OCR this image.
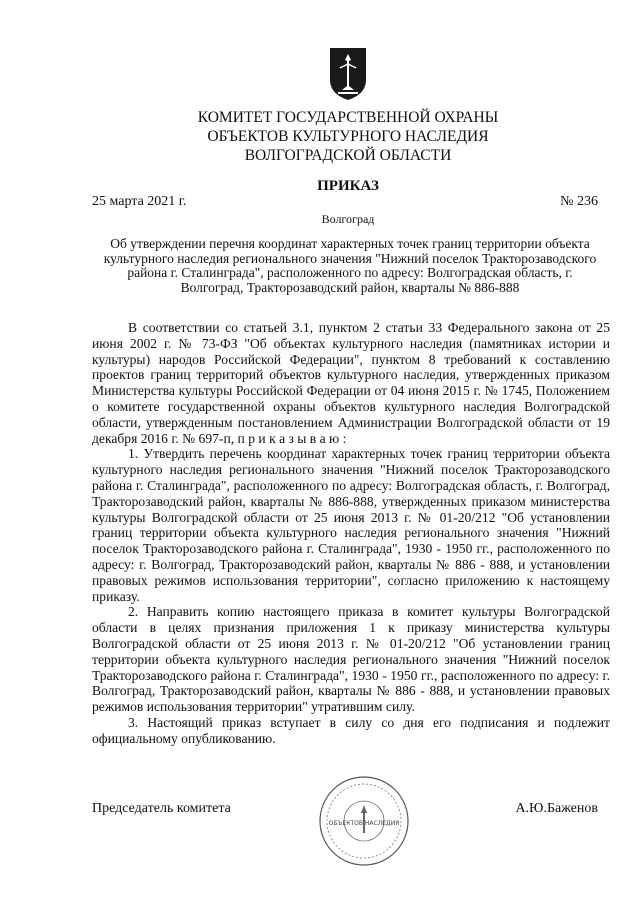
КОМИТЕТ ГОСУДАРСТВЕННОЙ ОХРАНЫ
ОБЪЕКТОВ КУЛЬТУРНОГО НАСЛЕДИЯ
ВОЛГОГРАДСКОЙ ОБЛАСТИ
ПРИКАЗ
25 марта 2021 г.	№ 236
Волгоград
Об утверждении перечня координат характерных точек границ территории объекта культурного наследия регионального значения "Нижний поселок Тракторозаводского района г. Сталинграда", расположенного по адресу: Волгоградская область, г. Волгоград, Тракторозаводский район, кварталы № 886-888

В соответствии со статьей 3.1, пунктом 2 статьи 33 Федерального закона от 25 июня 2002 г. № 73-ФЗ "Об объектах культурного наследия (памятниках истории и культуры) народов Российской Федерации", пунктом 8 требований к составлению проектов границ территорий объектов культурного наследия, утвержденных приказом Министерства культуры Российской Федерации от 04 июня 2015 г. № 1745, Положением о комитете государственной охраны объектов культурного наследия Волгоградской области, утвержденным постановлением Администрации Волгоградской области от 19 декабря 2016 г. № 697-п, п р и к а з ы в а ю :

1. Утвердить перечень координат характерных точек границ территории объекта культурного наследия регионального значения "Нижний поселок Тракторозаводского района г. Сталинграда", расположенного по адресу: Волгоградская область, г. Волгоград, Тракторозаводский район, кварталы № 886-888, утвержденных приказом министерства культуры Волгоградской области от 25 июня 2013 г. № 01-20/212 "Об установлении границ территории объекта культурного наследия регионального значения "Нижний поселок Тракторозаводского района г. Сталинграда", 1930 - 1950 гг., расположенного по адресу: г. Волгоград, Тракторозаводский район, кварталы № 886 - 888, и установлении правовых режимов использования территории", согласно приложению к настоящему приказу.

2. Направить копию настоящего приказа в комитет культуры Волгоградской области в целях признания приложения 1 к приказу министерства культуры Волгоградской области от 25 июня 2013 г. № 01-20/212 "Об установлении границ территории объекта культурного наследия регионального значения "Нижний поселок Тракторозаводского района г. Сталинграда", 1930 - 1950 гг., расположенного по адресу: г. Волгоград, Тракторозаводский район, кварталы № 886 - 888, и установлении правовых режимов использования территории" утратившим силу.

3. Настоящий приказ вступает в силу со дня его подписания и подлежит официальному опубликованию.

Председатель комитета	А.Ю.Баженов
ОБЪЕКТОВ НАСЛЕДИЯ
